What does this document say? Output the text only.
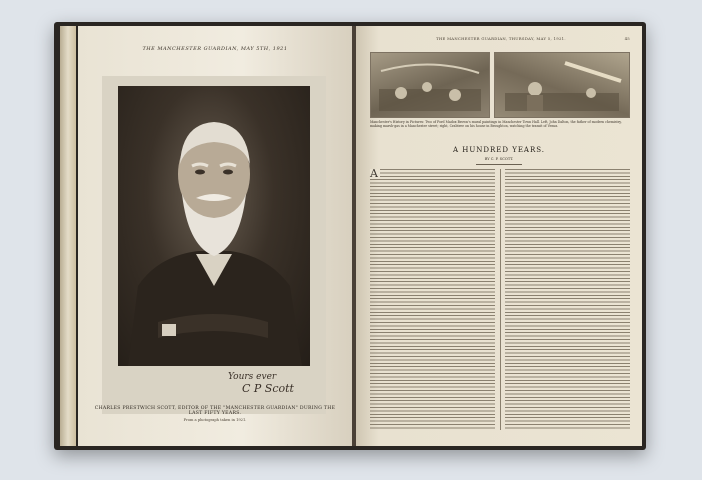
THE MANCHESTER GUARDIAN, MAY 5TH, 1921
Yours ever
C P Scott
CHARLES PRESTWICH SCOTT, EDITOR OF THE "MANCHESTER GUARDIAN" DURING THE LAST FIFTY YEARS.
From a photograph taken in 1921.
THE MANCHESTER GUARDIAN, THURSDAY, MAY 5, 1921.	45
Manchester's History in Pictures: Two of Ford Madox Brown's mural paintings in Manchester Town Hall. Left, John Dalton, the father of modern chemistry, making marsh-gas in a Manchester street; right, Crabtree on his house in Broughton, watching the transit of Venus.
A HUNDRED YEARS.
BY C. P. SCOTT.
A
